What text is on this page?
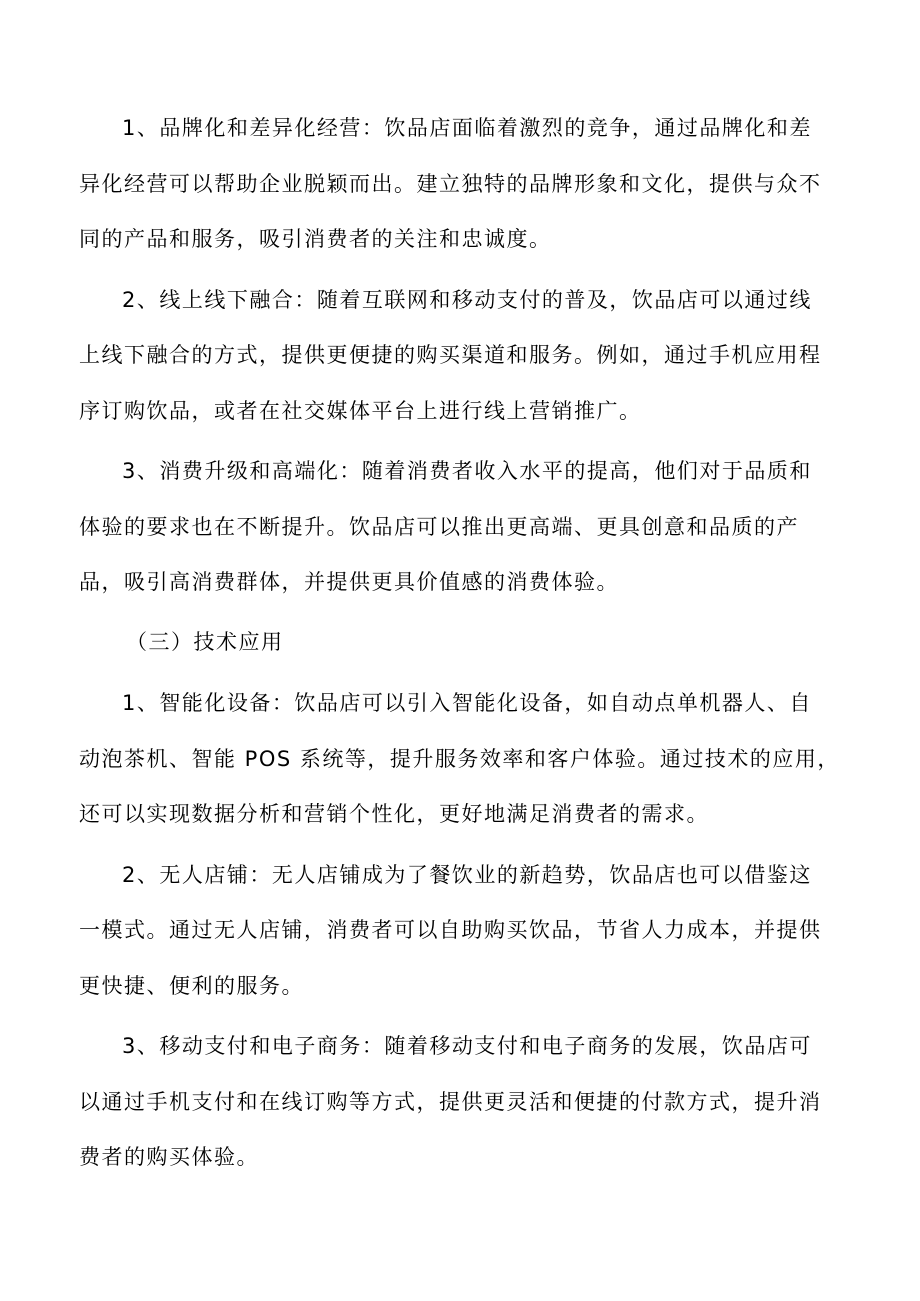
1、品牌化和差异化经营：饮品店面临着激烈的竞争，通过品牌化和差
异化经营可以帮助企业脱颖而出。建立独特的品牌形象和文化，提供与众不
同的产品和服务，吸引消费者的关注和忠诚度。
2、线上线下融合：随着互联网和移动支付的普及，饮品店可以通过线
上线下融合的方式，提供更便捷的购买渠道和服务。例如，通过手机应用程
序订购饮品，或者在社交媒体平台上进行线上营销推广。
3、消费升级和高端化：随着消费者收入水平的提高，他们对于品质和
体验的要求也在不断提升。饮品店可以推出更高端、更具创意和品质的产
品，吸引高消费群体，并提供更具价值感的消费体验。
（三）技术应用
1、智能化设备：饮品店可以引入智能化设备，如自动点单机器人、自
动泡茶机、智能 POS 系统等，提升服务效率和客户体验。通过技术的应用，
还可以实现数据分析和营销个性化，更好地满足消费者的需求。
2、无人店铺：无人店铺成为了餐饮业的新趋势，饮品店也可以借鉴这
一模式。通过无人店铺，消费者可以自助购买饮品，节省人力成本，并提供
更快捷、便利的服务。
3、移动支付和电子商务：随着移动支付和电子商务的发展，饮品店可
以通过手机支付和在线订购等方式，提供更灵活和便捷的付款方式，提升消
费者的购买体验。
